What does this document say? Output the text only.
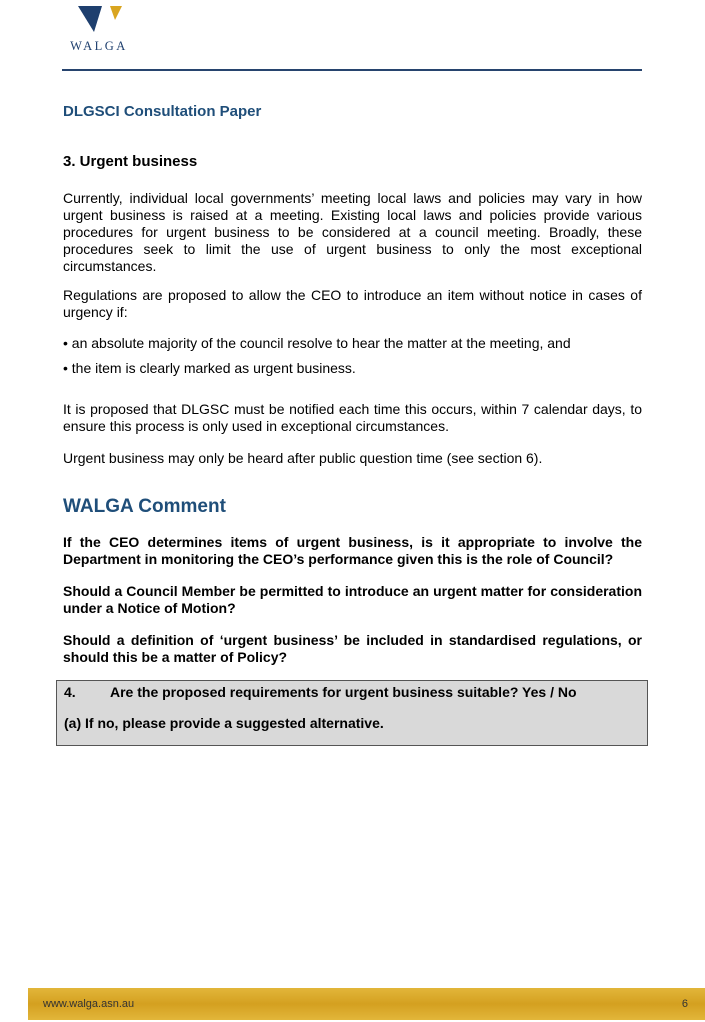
WALGA
DLGSCI Consultation Paper
3. Urgent business

Currently, individual local governments’ meeting local laws and policies may vary in how urgent business is raised at a meeting. Existing local laws and policies provide various procedures for urgent business to be considered at a council meeting. Broadly, these procedures seek to limit the use of urgent business to only the most exceptional circumstances.

Regulations are proposed to allow the CEO to introduce an item without notice in cases of urgency if:

• an absolute majority of the council resolve to hear the matter at the meeting, and

• the item is clearly marked as urgent business.

It is proposed that DLGSC must be notified each time this occurs, within 7 calendar days, to ensure this process is only used in exceptional circumstances.

Urgent business may only be heard after public question time (see section 6).

WALGA Comment

If the CEO determines items of urgent business, is it appropriate to involve the Department in monitoring the CEO’s performance given this is the role of Council?

Should a Council Member be permitted to introduce an urgent matter for consideration under a Notice of Motion?

Should a definition of ‘urgent business’ be included in standardised regulations, or should this be a matter of Policy?

4. Are the proposed requirements for urgent business suitable? Yes / No
(a) If no, please provide a suggested alternative.
www.walga.asn.au	6
